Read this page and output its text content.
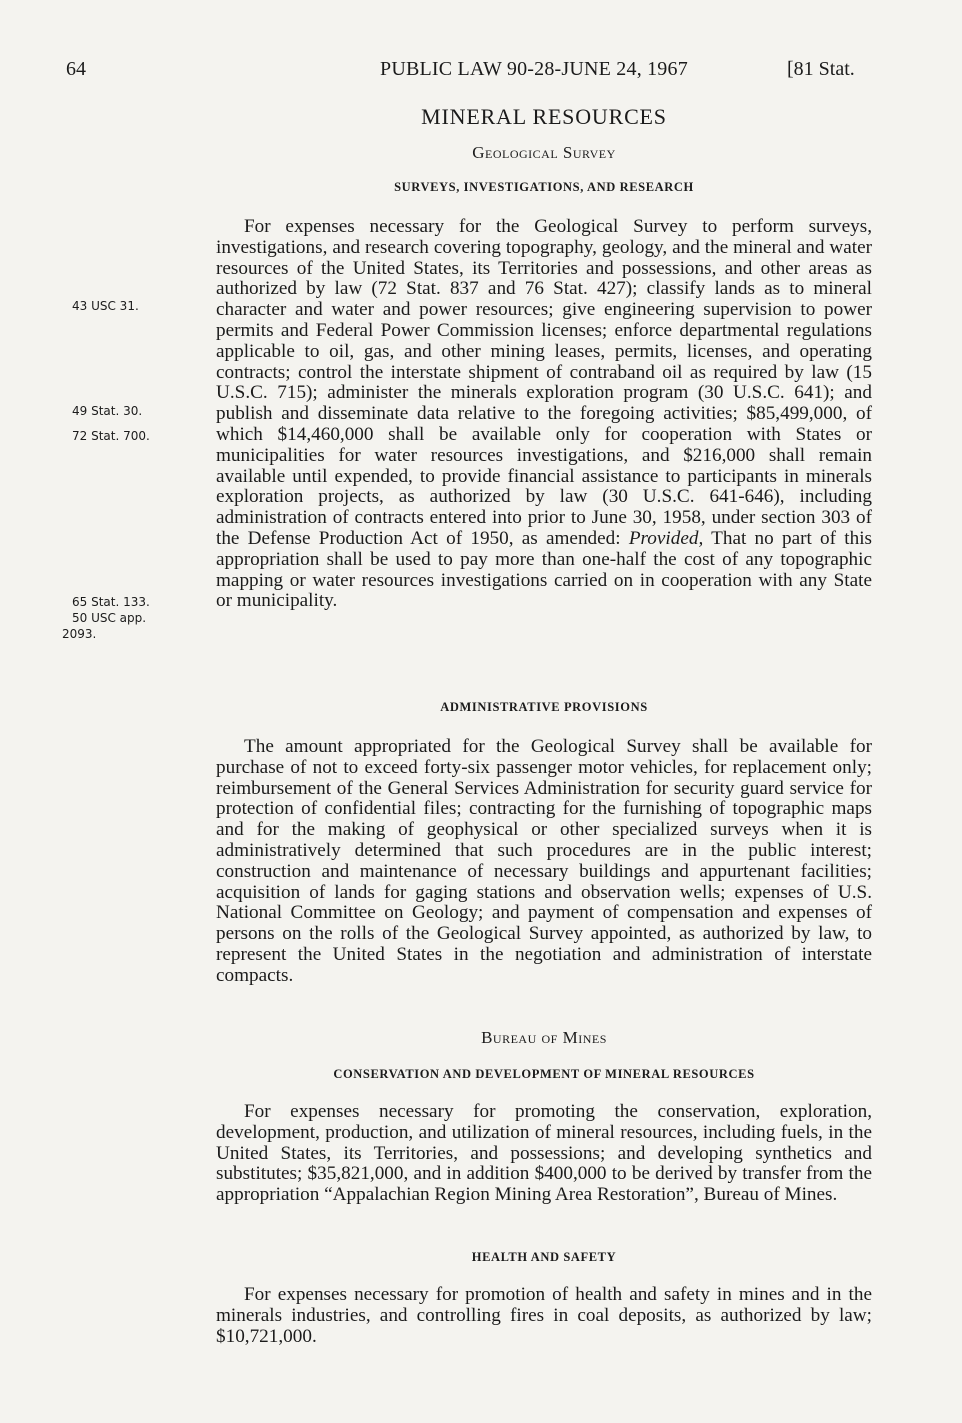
64	PUBLIC LAW 90-28-JUNE 24, 1967	[81 Stat.
43 USC 31.
49 Stat. 30.
72 Stat. 700.
65 Stat. 133.
50 USC app.
2093.
MINERAL RESOURCES
Geological Survey
SURVEYS, INVESTIGATIONS, AND RESEARCH

For expenses necessary for the Geological Survey to perform surveys, investigations, and research covering topography, geology, and the mineral and water resources of the United States, its Territories and possessions, and other areas as authorized by law (72 Stat. 837 and 76 Stat. 427); classify lands as to mineral character and water and power resources; give engineering supervision to power permits and Federal Power Commission licenses; enforce departmental regulations applicable to oil, gas, and other mining leases, permits, licenses, and operating contracts; control the interstate shipment of contraband oil as required by law (15 U.S.C. 715); administer the minerals exploration program (30 U.S.C. 641); and publish and disseminate data relative to the foregoing activities; $85,499,000, of which $14,460,000 shall be available only for cooperation with States or municipalities for water resources investigations, and $216,000 shall remain available until expended, to provide financial assistance to participants in minerals exploration projects, as authorized by law (30 U.S.C. 641-646), including administration of contracts entered into prior to June 30, 1958, under section 303 of the Defense Production Act of 1950, as amended: Provided, That no part of this appropriation shall be used to pay more than one-half the cost of any topographic mapping or water resources investigations carried on in cooperation with any State or municipality.

ADMINISTRATIVE PROVISIONS

The amount appropriated for the Geological Survey shall be available for purchase of not to exceed forty-six passenger motor vehicles, for replacement only; reimbursement of the General Services Administration for security guard service for protection of confidential files; contracting for the furnishing of topographic maps and for the making of geophysical or other specialized surveys when it is administratively determined that such procedures are in the public interest; construction and maintenance of necessary buildings and appurtenant facilities; acquisition of lands for gaging stations and observation wells; expenses of U.S. National Committee on Geology; and payment of compensation and expenses of persons on the rolls of the Geological Survey appointed, as authorized by law, to represent the United States in the negotiation and administration of interstate compacts.

Bureau of Mines
CONSERVATION AND DEVELOPMENT OF MINERAL RESOURCES

For expenses necessary for promoting the conservation, exploration, development, production, and utilization of mineral resources, including fuels, in the United States, its Territories, and possessions; and developing synthetics and substitutes; $35,821,000, and in addition $400,000 to be derived by transfer from the appropriation “Appalachian Region Mining Area Restoration”, Bureau of Mines.

HEALTH AND SAFETY

For expenses necessary for promotion of health and safety in mines and in the minerals industries, and controlling fires in coal deposits, as authorized by law; $10,721,000.
